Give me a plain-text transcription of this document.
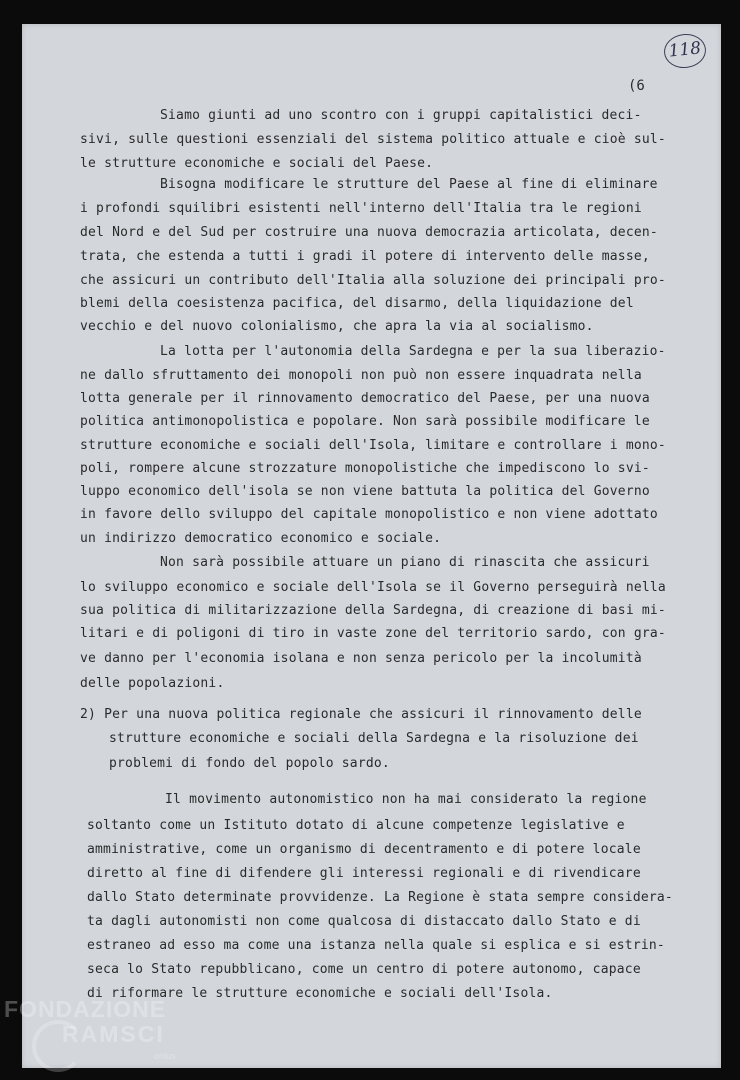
118
(6
Siamo giunti ad uno scontro con i gruppi capitalistici deci-
sivi, sulle questioni essenziali del sistema politico attuale e cioè sul-
le strutture economiche e sociali del Paese.
Bisogna modificare le strutture del Paese al fine di eliminare
i profondi squilibri esistenti nell'interno dell'Italia tra le regioni
del Nord e del Sud per costruire una nuova democrazia articolata, decen-
trata, che estenda a tutti i gradi il potere di intervento delle masse,
che assicuri un contributo dell'Italia alla soluzione dei principali pro-
blemi della coesistenza pacifica, del disarmo, della liquidazione del
vecchio e del nuovo colonialismo, che apra la via al socialismo.
La lotta per l'autonomia della Sardegna e per la sua liberazio-
ne dallo sfruttamento dei monopoli non può non essere inquadrata nella
lotta generale per il rinnovamento democratico del Paese, per una nuova
politica antimonopolistica e popolare. Non sarà possibile modificare le
strutture economiche e sociali dell'Isola, limitare e controllare i mono-
poli, rompere alcune strozzature monopolistiche che impediscono lo svi-
luppo economico dell'isola se non viene battuta la politica del Governo
in favore dello sviluppo del capitale monopolistico e non viene adottato
un indirizzo democratico economico e sociale.
Non sarà possibile attuare un piano di rinascita che assicuri
lo sviluppo economico e sociale dell'Isola se il Governo perseguirà nella
sua politica di militarizzazione della Sardegna, di creazione di basi mi-
litari e di poligoni di tiro in vaste zone del territorio sardo, con gra-
ve danno per l'economia isolana e non senza pericolo per la incolumità
delle popolazioni.
2) Per una nuova politica regionale che assicuri il rinnovamento delle
strutture economiche e sociali della Sardegna e la risoluzione dei
problemi di fondo del popolo sardo.
Il movimento autonomistico non ha mai considerato la regione
soltanto come un Istituto dotato di alcune competenze legislative e
amministrative, come un organismo di decentramento e di potere locale
diretto al fine di difendere gli interessi regionali e di rivendicare
dallo Stato determinate provvidenze. La Regione è stata sempre considera-
ta dagli autonomisti non come qualcosa di distaccato dallo Stato e di
estraneo ad esso ma come una istanza nella quale si esplica e si estrin-
seca lo Stato repubblicano, come un centro di potere autonomo, capace
di riformare le strutture economiche e sociali dell'Isola.
FONDAZIONE
RAMSCI
onlus
